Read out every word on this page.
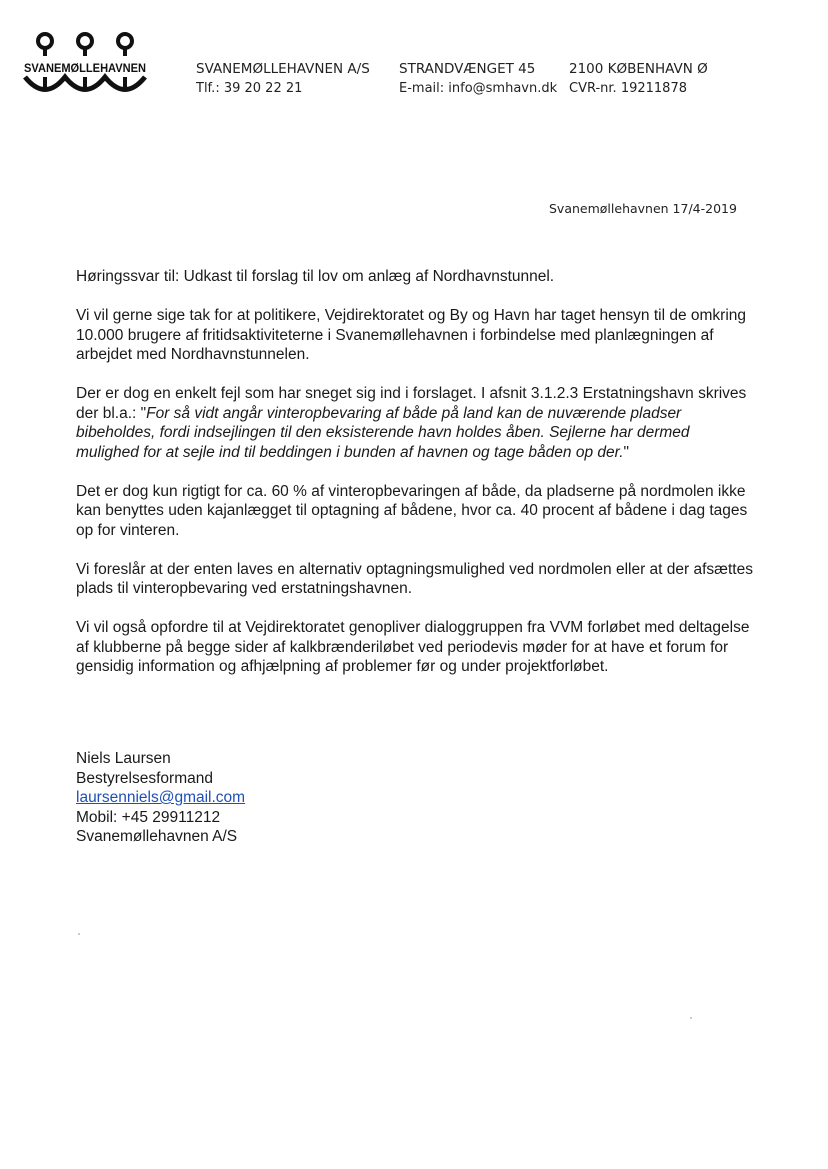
SVANEMØLLEHAVNEN	SVANEMØLLEHAVNEN A/S
Tlf.: 39 20 22 21
STRANDVÆNGET 45
E-mail: info@smhavn.dk
2100 KØBENHAVN Ø
CVR-nr. 19211878
Svanemøllehavnen 17/4-2019

Høringssvar til: Udkast til forslag til lov om anlæg af Nordhavnstunnel.

Vi vil gerne sige tak for at politikere, Vejdirektoratet og By og Havn har taget hensyn til de omkring 10.000 brugere af fritidsaktiviteterne i Svanemøllehavnen i forbindelse med planlægningen af arbejdet med Nordhavnstunnelen.

Der er dog en enkelt fejl som har sneget sig ind i forslaget. I afsnit 3.1.2.3 Erstatningshavn skrives der bl.a.: "For så vidt angår vinteropbevaring af både på land kan de nuværende pladser bibeholdes, fordi indsejlingen til den eksisterende havn holdes åben. Sejlerne har dermed mulighed for at sejle ind til beddingen i bunden af havnen og tage båden op der."

Det er dog kun rigtigt for ca. 60 % af vinteropbevaringen af både, da pladserne på nordmolen ikke kan benyttes uden kajanlægget til optagning af bådene, hvor ca. 40 procent af bådene i dag tages op for vinteren.

Vi foreslår at der enten laves en alternativ optagningsmulighed ved nordmolen eller at der afsættes plads til vinteropbevaring ved erstatningshavnen.

Vi vil også opfordre til at Vejdirektoratet genopliver dialoggruppen fra VVM forløbet med deltagelse af klubberne på begge sider af kalkbrænderiløbet ved periodevis møder for at have et forum for gensidig information og afhjælpning af problemer før og under projektforløbet.

Niels Laursen
Bestyrelsesformand
laursenniels@gmail.com
Mobil: +45 29911212
Svanemøllehavnen A/S
